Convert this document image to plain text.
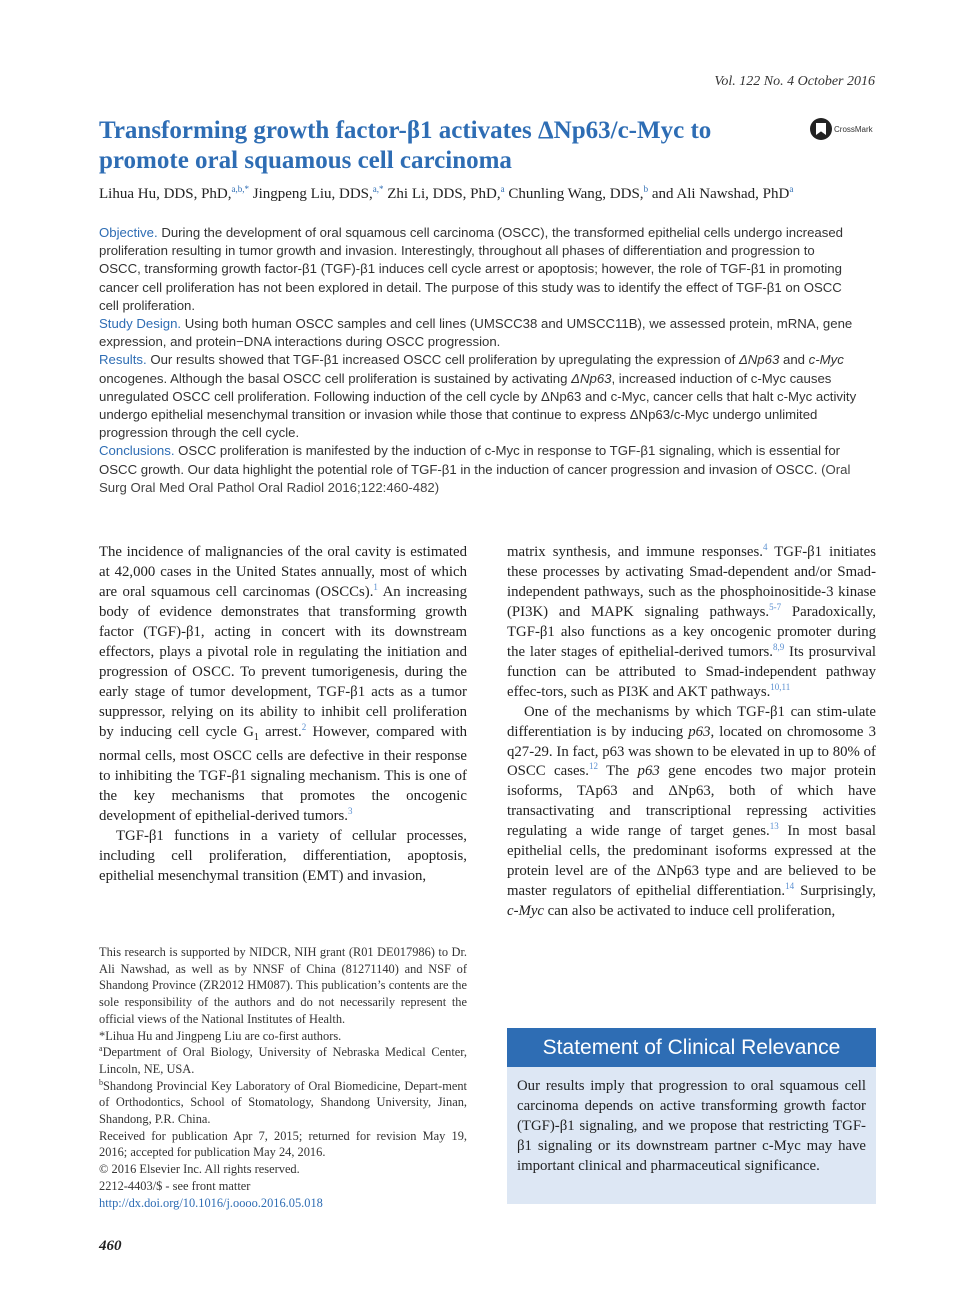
Vol. 122 No. 4 October 2016
Transforming growth factor-β1 activates ΔNp63/c-Myc to promote oral squamous cell carcinoma
CrossMark
Lihua Hu, DDS, PhD,$^{a,b,*}$ Jingpeng Liu, DDS,$^{a,*}$ Zhi Li, DDS, PhD,$^a$ Chunling Wang, DDS,$^b$ and Ali Nawshad, PhD$^a$

Objective. During the development of oral squamous cell carcinoma (OSCC), the transformed epithelial cells undergo increased proliferation resulting in tumor growth and invasion. Interestingly, throughout all phases of differentiation and progression to OSCC, transforming growth factor-β1 (TGF)-β1 induces cell cycle arrest or apoptosis; however, the role of TGF-β1 in promoting cancer cell proliferation has not been explored in detail. The purpose of this study was to identify the effect of TGF-β1 on OSCC cell proliferation.

Study Design. Using both human OSCC samples and cell lines (UMSCC38 and UMSCC11B), we assessed protein, mRNA, gene expression, and protein−DNA interactions during OSCC progression.

Results. Our results showed that TGF-β1 increased OSCC cell proliferation by upregulating the expression of ΔNp63 and c-Myc oncogenes. Although the basal OSCC cell proliferation is sustained by activating ΔNp63, increased induction of c-Myc causes unregulated OSCC cell proliferation. Following induction of the cell cycle by ΔNp63 and c-Myc, cancer cells that halt c-Myc activity undergo epithelial mesenchymal transition or invasion while those that continue to express ΔNp63/c-Myc undergo unlimited progression through the cell cycle.

Conclusions. OSCC proliferation is manifested by the induction of c-Myc in response to TGF-β1 signaling, which is essential for OSCC growth. Our data highlight the potential role of TGF-β1 in the induction of cancer progression and invasion of OSCC. (Oral Surg Oral Med Oral Pathol Oral Radiol 2016;122:460-482)

The incidence of malignancies of the oral cavity is estimated at 42,000 cases in the United States annually, most of which are oral squamous cell carcinomas (OSCCs).$^1$ An increasing body of evidence demonstrates that transforming growth factor (TGF)-β1, acting in concert with its downstream effectors, plays a pivotal role in regulating the initiation and progression of OSCC. To prevent tumorigenesis, during the early stage of tumor development, TGF-β1 acts as a tumor suppressor, relying on its ability to inhibit cell proliferation by inducing cell cycle $G_1$ arrest.$^2$ However, compared with normal cells, most OSCC cells are defective in their response to inhibiting the TGF-β1 signaling mechanism. This is one of the key mechanisms that promotes the oncogenic development of epithelial-derived tumors.$^3$

TGF-β1 functions in a variety of cellular processes, including cell proliferation, differentiation, apoptosis, epithelial mesenchymal transition (EMT) and invasion,

matrix synthesis, and immune responses.$^4$ TGF-β1 initiates these processes by activating Smad-dependent and/or Smad-independent pathways, such as the phosphoinositide-3 kinase (PI3K) and MAPK signaling pathways.$^{5-7}$ Paradoxically, TGF-β1 also functions as a key oncogenic promoter during the later stages of epithelial-derived tumors.$^{8,9}$ Its prosurvival function can be attributed to Smad-independent pathway effec-tors, such as PI3K and AKT pathways.$^{10,11}$

One of the mechanisms by which TGF-β1 can stim-ulate differentiation is by inducing p63, located on chromosome 3 q27-29. In fact, p63 was shown to be elevated in up to 80% of OSCC cases.$^{12}$ The p63 gene encodes two major protein isoforms, TAp63 and ΔNp63, both of which have transactivating and transcriptional repressing activities regulating a wide range of target genes.$^{13}$ In most basal epithelial cells, the predominant isoforms expressed at the protein level are of the ΔNp63 type and are believed to be master regulators of epithelial differentiation.$^{14}$ Surprisingly, c-Myc can also be activated to induce cell proliferation,

This research is supported by NIDCR, NIH grant (R01 DE017986) to Dr. Ali Nawshad, as well as by NNSF of China (81271140) and NSF of Shandong Province (ZR2012 HM087). This publication’s contents are the sole responsibility of the authors and do not necessarily represent the official views of the National Institutes of Health.

*Lihua Hu and Jingpeng Liu are co-first authors.

$^a$Department of Oral Biology, University of Nebraska Medical Center, Lincoln, NE, USA.

$^b$Shandong Provincial Key Laboratory of Oral Biomedicine, Depart-ment of Orthodontics, School of Stomatology, Shandong University, Jinan, Shandong, P.R. China.

Received for publication Apr 7, 2015; returned for revision May 19, 2016; accepted for publication May 24, 2016.

© 2016 Elsevier Inc. All rights reserved.

2212-4403/$ - see front matter

http://dx.doi.org/10.1016/j.oooo.2016.05.018

Statement of Clinical Relevance
Our results imply that progression to oral squamous cell carcinoma depends on active transforming growth factor (TGF)-β1 signaling, and we propose that restricting TGF-β1 signaling or its downstream partner c-Myc may have important clinical and pharmaceutical significance.
460
